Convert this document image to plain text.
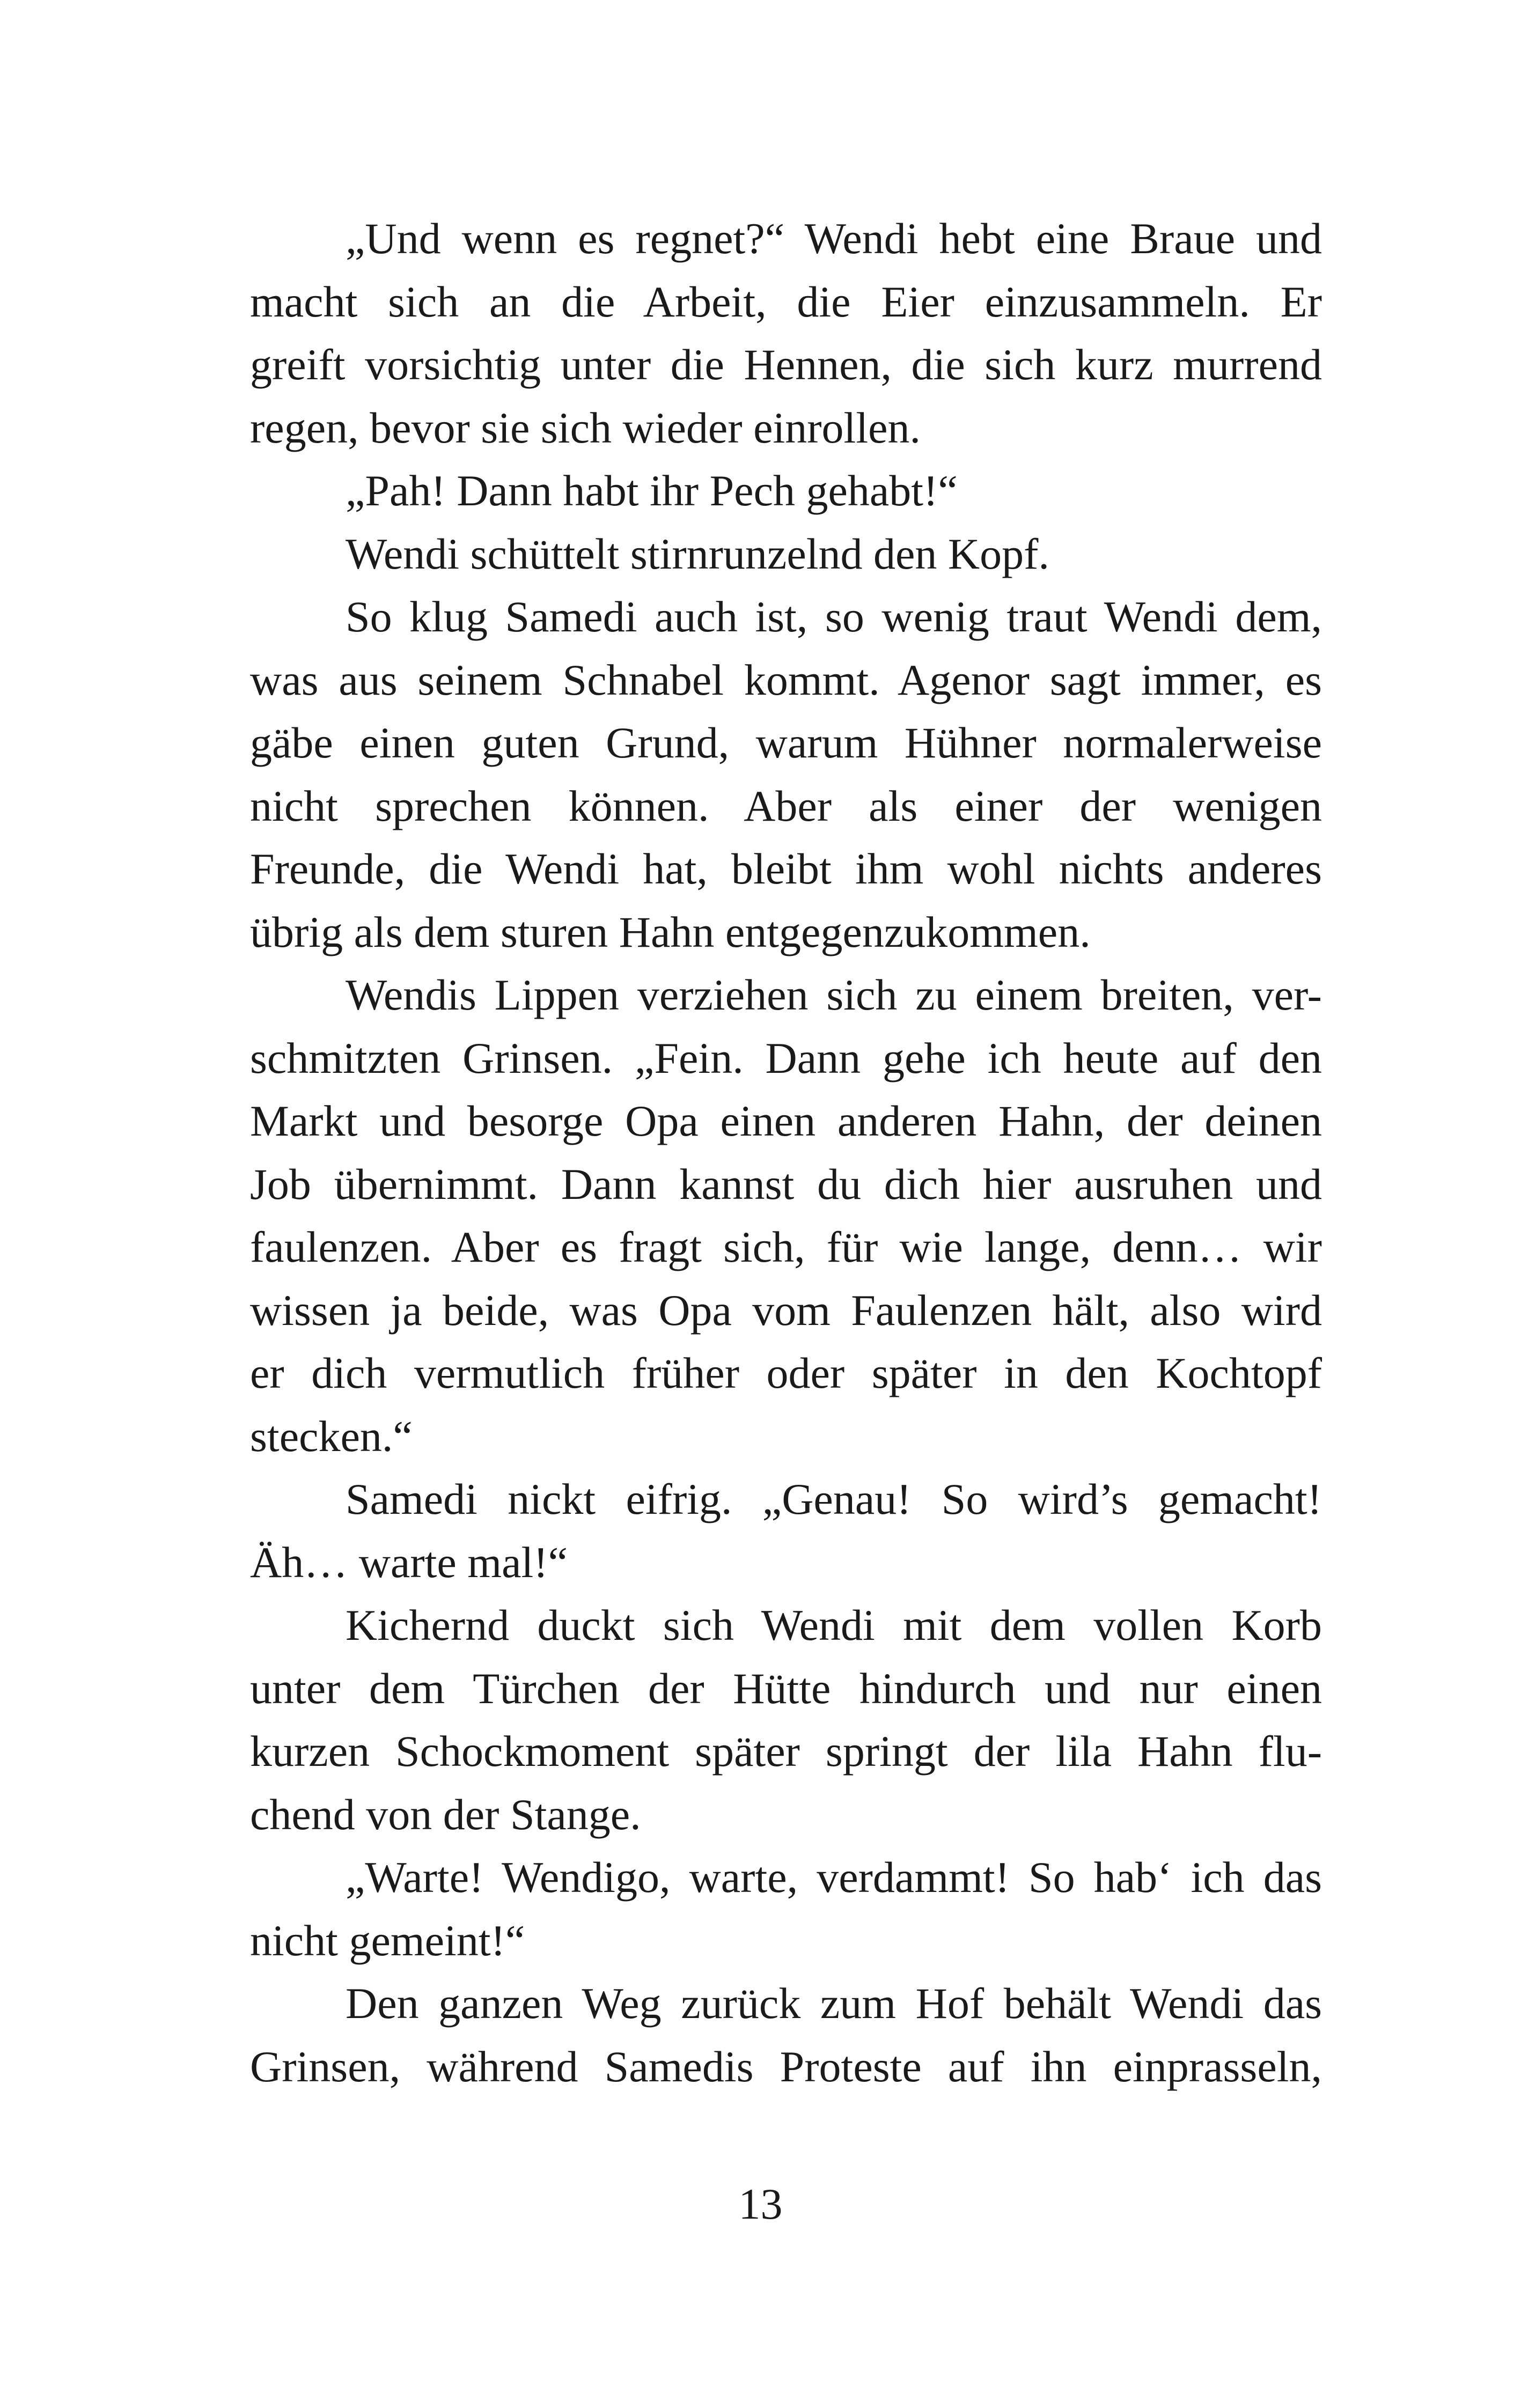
„Und wenn es regnet?“ Wendi hebt eine Braue und
macht sich an die Arbeit, die Eier einzusammeln. Er
greift vorsichtig unter die Hennen, die sich kurz murrend
regen, bevor sie sich wieder einrollen.
„Pah! Dann habt ihr Pech gehabt!“
Wendi schüttelt stirnrunzelnd den Kopf.
So klug Samedi auch ist, so wenig traut Wendi dem,
was aus seinem Schnabel kommt. Agenor sagt immer, es
gäbe einen guten Grund, warum Hühner normalerweise
nicht sprechen können. Aber als einer der wenigen
Freunde, die Wendi hat, bleibt ihm wohl nichts anderes
übrig als dem sturen Hahn entgegenzukommen.
Wendis Lippen verziehen sich zu einem breiten, ver-
schmitzten Grinsen. „Fein. Dann gehe ich heute auf den
Markt und besorge Opa einen anderen Hahn, der deinen
Job übernimmt. Dann kannst du dich hier ausruhen und
faulenzen. Aber es fragt sich, für wie lange, denn… wir
wissen ja beide, was Opa vom Faulenzen hält, also wird
er dich vermutlich früher oder später in den Kochtopf
stecken.“
Samedi nickt eifrig. „Genau! So wird’s gemacht!
Äh… warte mal!“
Kichernd duckt sich Wendi mit dem vollen Korb
unter dem Türchen der Hütte hindurch und nur einen
kurzen Schockmoment später springt der lila Hahn flu-
chend von der Stange.
„Warte! Wendigo, warte, verdammt! So hab‘ ich das
nicht gemeint!“
Den ganzen Weg zurück zum Hof behält Wendi das
Grinsen, während Samedis Proteste auf ihn einprasseln,
13
